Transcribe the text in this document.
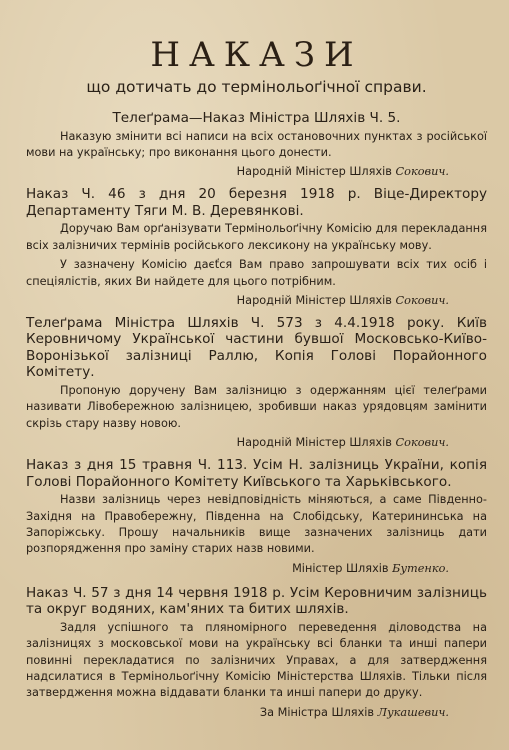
НАКАЗИ
що дотичать до термінольоґічної справи.
Телеґрама—Наказ Міністра Шляхів Ч. 5.
Наказую змінити всі написи на всіх остановочних пунктах з російської мови на українську; про виконання цього донести.
Народній Міністер Шляхів Сокович.
Наказ Ч. 46 з дня 20 березня 1918 р. Віце-Директору Департаменту Тяги М. В. Деревянкові.
Доручаю Вам орґанізувати Термінольоґічну Комісію для перекладання всіх залізничих термінів російського лексикону на українську мову.
У зазначену Комісію даєťся Вам право запрошувати всіх тих осіб і спеціялістів, яких Ви найдете для цього потрібним.
Народній Міністер Шляхів Сокович.
Телеґрама Міністра Шляхів Ч. 573 з 4.4.1918 року. Київ Керовничому Української частини бувшої Московсько-Київо-Воронізької залізниці Раллю, Копія Голові Порайонного Комітету.
Пропоную доручену Вам залізницю з одержанням цієї телеґрами називати Лівобережною залізницею, зробивши наказ урядовцям замінити скрізь стару назву новою.
Народній Міністер Шляхів Сокович.
Наказ з дня 15 травня Ч. 113. Усім Н. залізниць України, копія Голові Порайонного Комітету Київського та Харьківського.
Назви залізниць через невідповідність міняються, а саме Південно-Західня на Правобережну, Південна на Слобідську, Катерининська на Запоріжську. Прошу начальників вище зазначених залізниць дати розпорядження про заміну старих назв новими.
Міністер Шляхів Бутенко.
Наказ Ч. 57 з дня 14 червня 1918 р. Усім Керовничим залізниць та округ водяних, кам'яних та битих шляхів.
Задля успішного та пляномірного переведення діловодства на залізницях з московської мови на українську всі бланки та инші папери повинні перекладатися по залізничих Управах, а для затвердження надсилатися в Термінольоґічну Комісію Міністерства Шляхів. Тільки після затвердження можна віддавати бланки та инші папери до друку.
За Міністра Шляхів Лукашевич.
